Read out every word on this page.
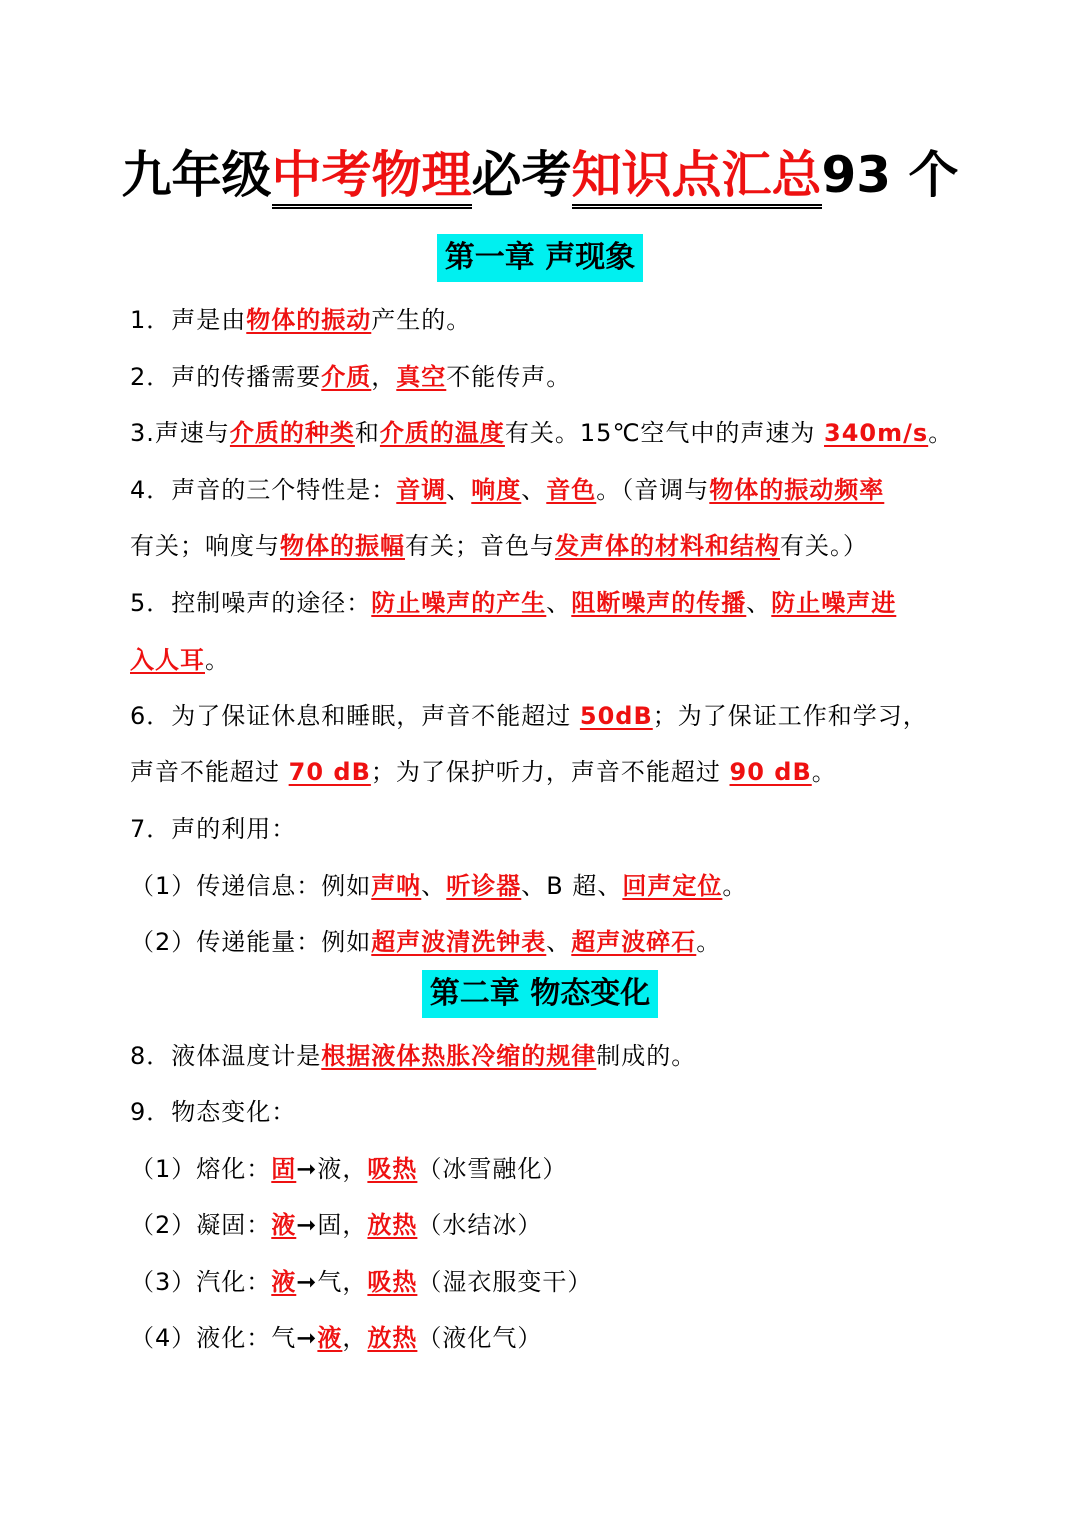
九年级中考物理必考知识点汇总93 个
第一章 声现象
1．声是由物体的振动产生的。
2．声的传播需要介质，真空不能传声。
3.声速与介质的种类和介质的温度有关。15℃空气中的声速为 340m/s。
4．声音的三个特性是：音调、响度、音色。（音调与物体的振动频率
有关；响度与物体的振幅有关；音色与发声体的材料和结构有关。）
5．控制噪声的途径：防止噪声的产生、阻断噪声的传播、防止噪声进
入人耳。
6．为了保证休息和睡眠，声音不能超过 50dB；为了保证工作和学习，
声音不能超过 70 dB；为了保护听力，声音不能超过 90 dB。
7．声的利用：
（1）传递信息：例如声呐、听诊器、B 超、回声定位。
（2）传递能量：例如超声波清洗钟表、超声波碎石。
第二章 物态变化
8．液体温度计是根据液体热胀冷缩的规律制成的。
9．物态变化：
（1）熔化：固➞液，吸热（冰雪融化）
（2）凝固：液➞固，放热（水结冰）
（3）汽化：液➞气，吸热（湿衣服变干）
（4）液化：气➞液，放热（液化气）
